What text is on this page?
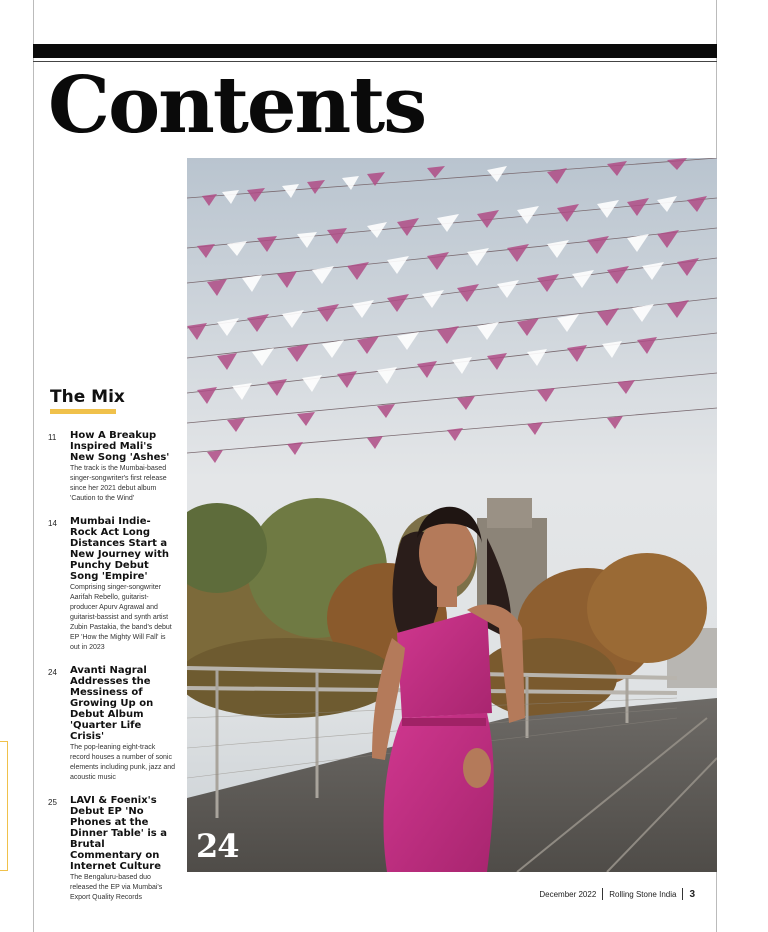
Contents
24
The Mix
11	How A Breakup Inspired Mali's New Song 'Ashes'

The track is the Mumbai-based singer-songwriter's first release since her 2021 debut album 'Caution to the Wind'

14	Mumbai Indie-Rock Act Long Distances Start a New Journey with Punchy Debut Song 'Empire'

Comprising singer-songwriter Aarifah Rebello, guitarist-producer Apurv Agrawal and guitarist-bassist and synth artist Zubin Pastakia, the band's debut EP 'How the Mighty Will Fall' is out in 2023

24	Avanti Nagral Addresses the Messiness of Growing Up on Debut Album 'Quarter Life Crisis'

The pop-leaning eight-track record houses a number of sonic elements including punk, jazz and acoustic music

25	LAVI & Foenix's Debut EP 'No Phones at the Dinner Table' is a Brutal Commentary on Internet Culture

The Bengaluru-based duo released the EP via Mumbai's Export Quality Records	December 2022 Rolling Stone India 3
